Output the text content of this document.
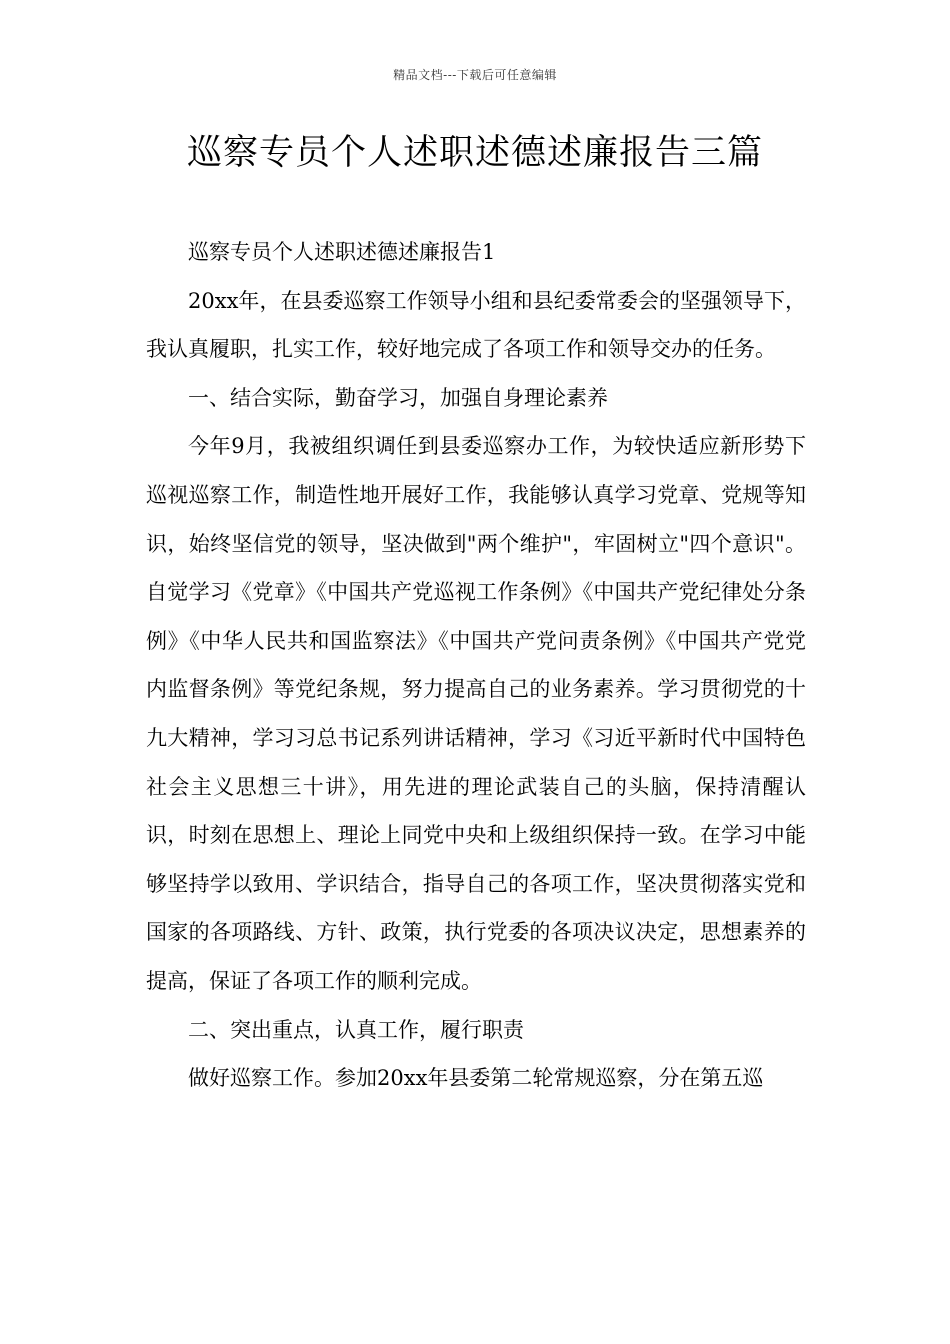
精品文档---下载后可任意编辑
巡察专员个人述职述德述廉报告三篇

巡察专员个人述职述德述廉报告1

20xx年，在县委巡察工作领导小组和县纪委常委会的坚强领导下，我认真履职，扎实工作，较好地完成了各项工作和领导交办的任务。

一、结合实际，勤奋学习，加强自身理论素养

今年9月，我被组织调任到县委巡察办工作，为较快适应新形势下巡视巡察工作，制造性地开展好工作，我能够认真学习党章、党规等知识，始终坚信党的领导，坚决做到"两个维护"，牢固树立"四个意识"。自觉学习《党章》《中国共产党巡视工作条例》《中国共产党纪律处分条例》《中华人民共和国监察法》《中国共产党问责条例》《中国共产党党内监督条例》等党纪条规，努力提高自己的业务素养。学习贯彻党的十九大精神，学习习总书记系列讲话精神，学习《习近平新时代中国特色社会主义思想三十讲》，用先进的理论武装自己的头脑，保持清醒认识，时刻在思想上、理论上同党中央和上级组织保持一致。在学习中能够坚持学以致用、学识结合，指导自己的各项工作，坚决贯彻落实党和国家的各项路线、方针、政策，执行党委的各项决议决定，思想素养的提高，保证了各项工作的顺利完成。

二、突出重点，认真工作，履行职责

做好巡察工作。参加20xx年县委第二轮常规巡察，分在第五巡
